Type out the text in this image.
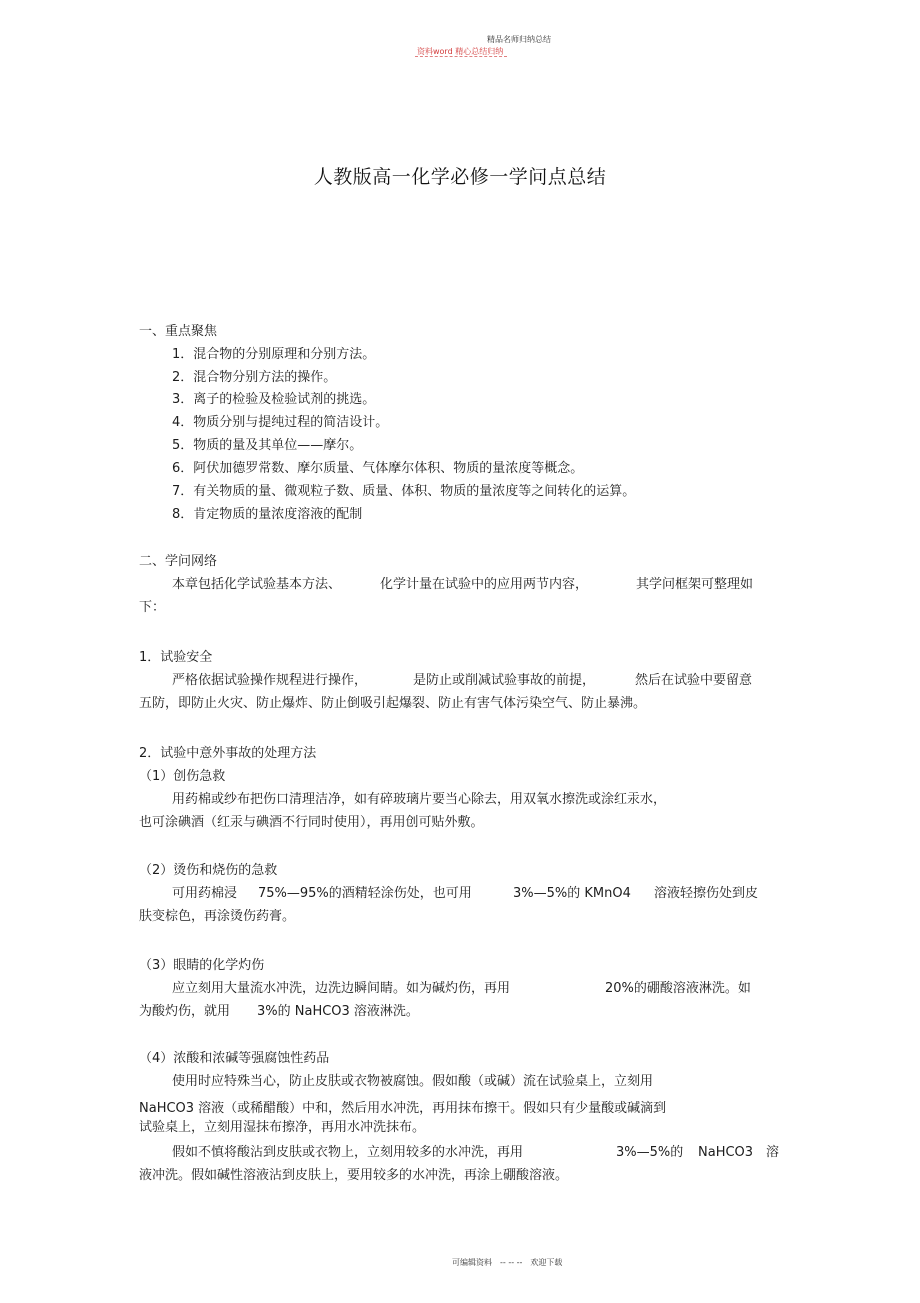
精品名师归纳总结
资料word 精心总结归纳
人教版高一化学必修一学问点总结
一、重点聚焦
1．混合物的分别原理和分别方法。
2．混合物分别方法的操作。
3．离子的检验及检验试剂的挑选。
4．物质分别与提纯过程的简洁设计。
5．物质的量及其单位——摩尔。
6．阿伏加德罗常数、摩尔质量、气体摩尔体积、物质的量浓度等概念。
7．有关物质的量、微观粒子数、质量、体积、物质的量浓度等之间转化的运算。
8．肯定物质的量浓度溶液的配制
二、学问网络
本章包括化学试验基本方法、	化学计量在试验中的应用两节内容，	其学问框架可整理如
下：
1．试验安全
严格依据试验操作规程进行操作，	是防止或削减试验事故的前提，	然后在试验中要留意
五防，即防止火灾、防止爆炸、防止倒吸引起爆裂、防止有害气体污染空气、防止暴沸。
2．试验中意外事故的处理方法
（1）创伤急救
用药棉或纱布把伤口清理洁净，如有碎玻璃片要当心除去，用双氧水擦洗或涂红汞水，
也可涂碘酒（红汞与碘酒不行同时使用），再用创可贴外敷。
（2）烫伤和烧伤的急救
可用药棉浸 75%—95%的酒精轻涂伤处，也可用	3%—5%的 KMnO4 溶液轻擦伤处到皮
肤变棕色，再涂烫伤药膏。
（3）眼睛的化学灼伤
应立刻用大量流水冲洗，边洗边瞬间睛。如为碱灼伤，再用	20%的硼酸溶液淋洗。如
为酸灼伤，就用 3%的 NaHCO3 溶液淋洗。
（4）浓酸和浓碱等强腐蚀性药品
使用时应特殊当心，防止皮肤或衣物被腐蚀。假如酸（或碱）流在试验桌上，立刻用
NaHCO3 溶液（或稀醋酸）中和，然后用水冲洗，再用抹布擦干。假如只有少量酸或碱滴到
试验桌上，立刻用湿抹布擦净，再用水冲洗抹布。
假如不慎将酸沾到皮肤或衣物上，立刻用较多的水冲洗，再用	3%—5%的 NaHCO3 溶
液冲洗。假如碱性溶液沾到皮肤上，要用较多的水冲洗，再涂上硼酸溶液。
可编辑资料 -- -- -- 欢迎下载
